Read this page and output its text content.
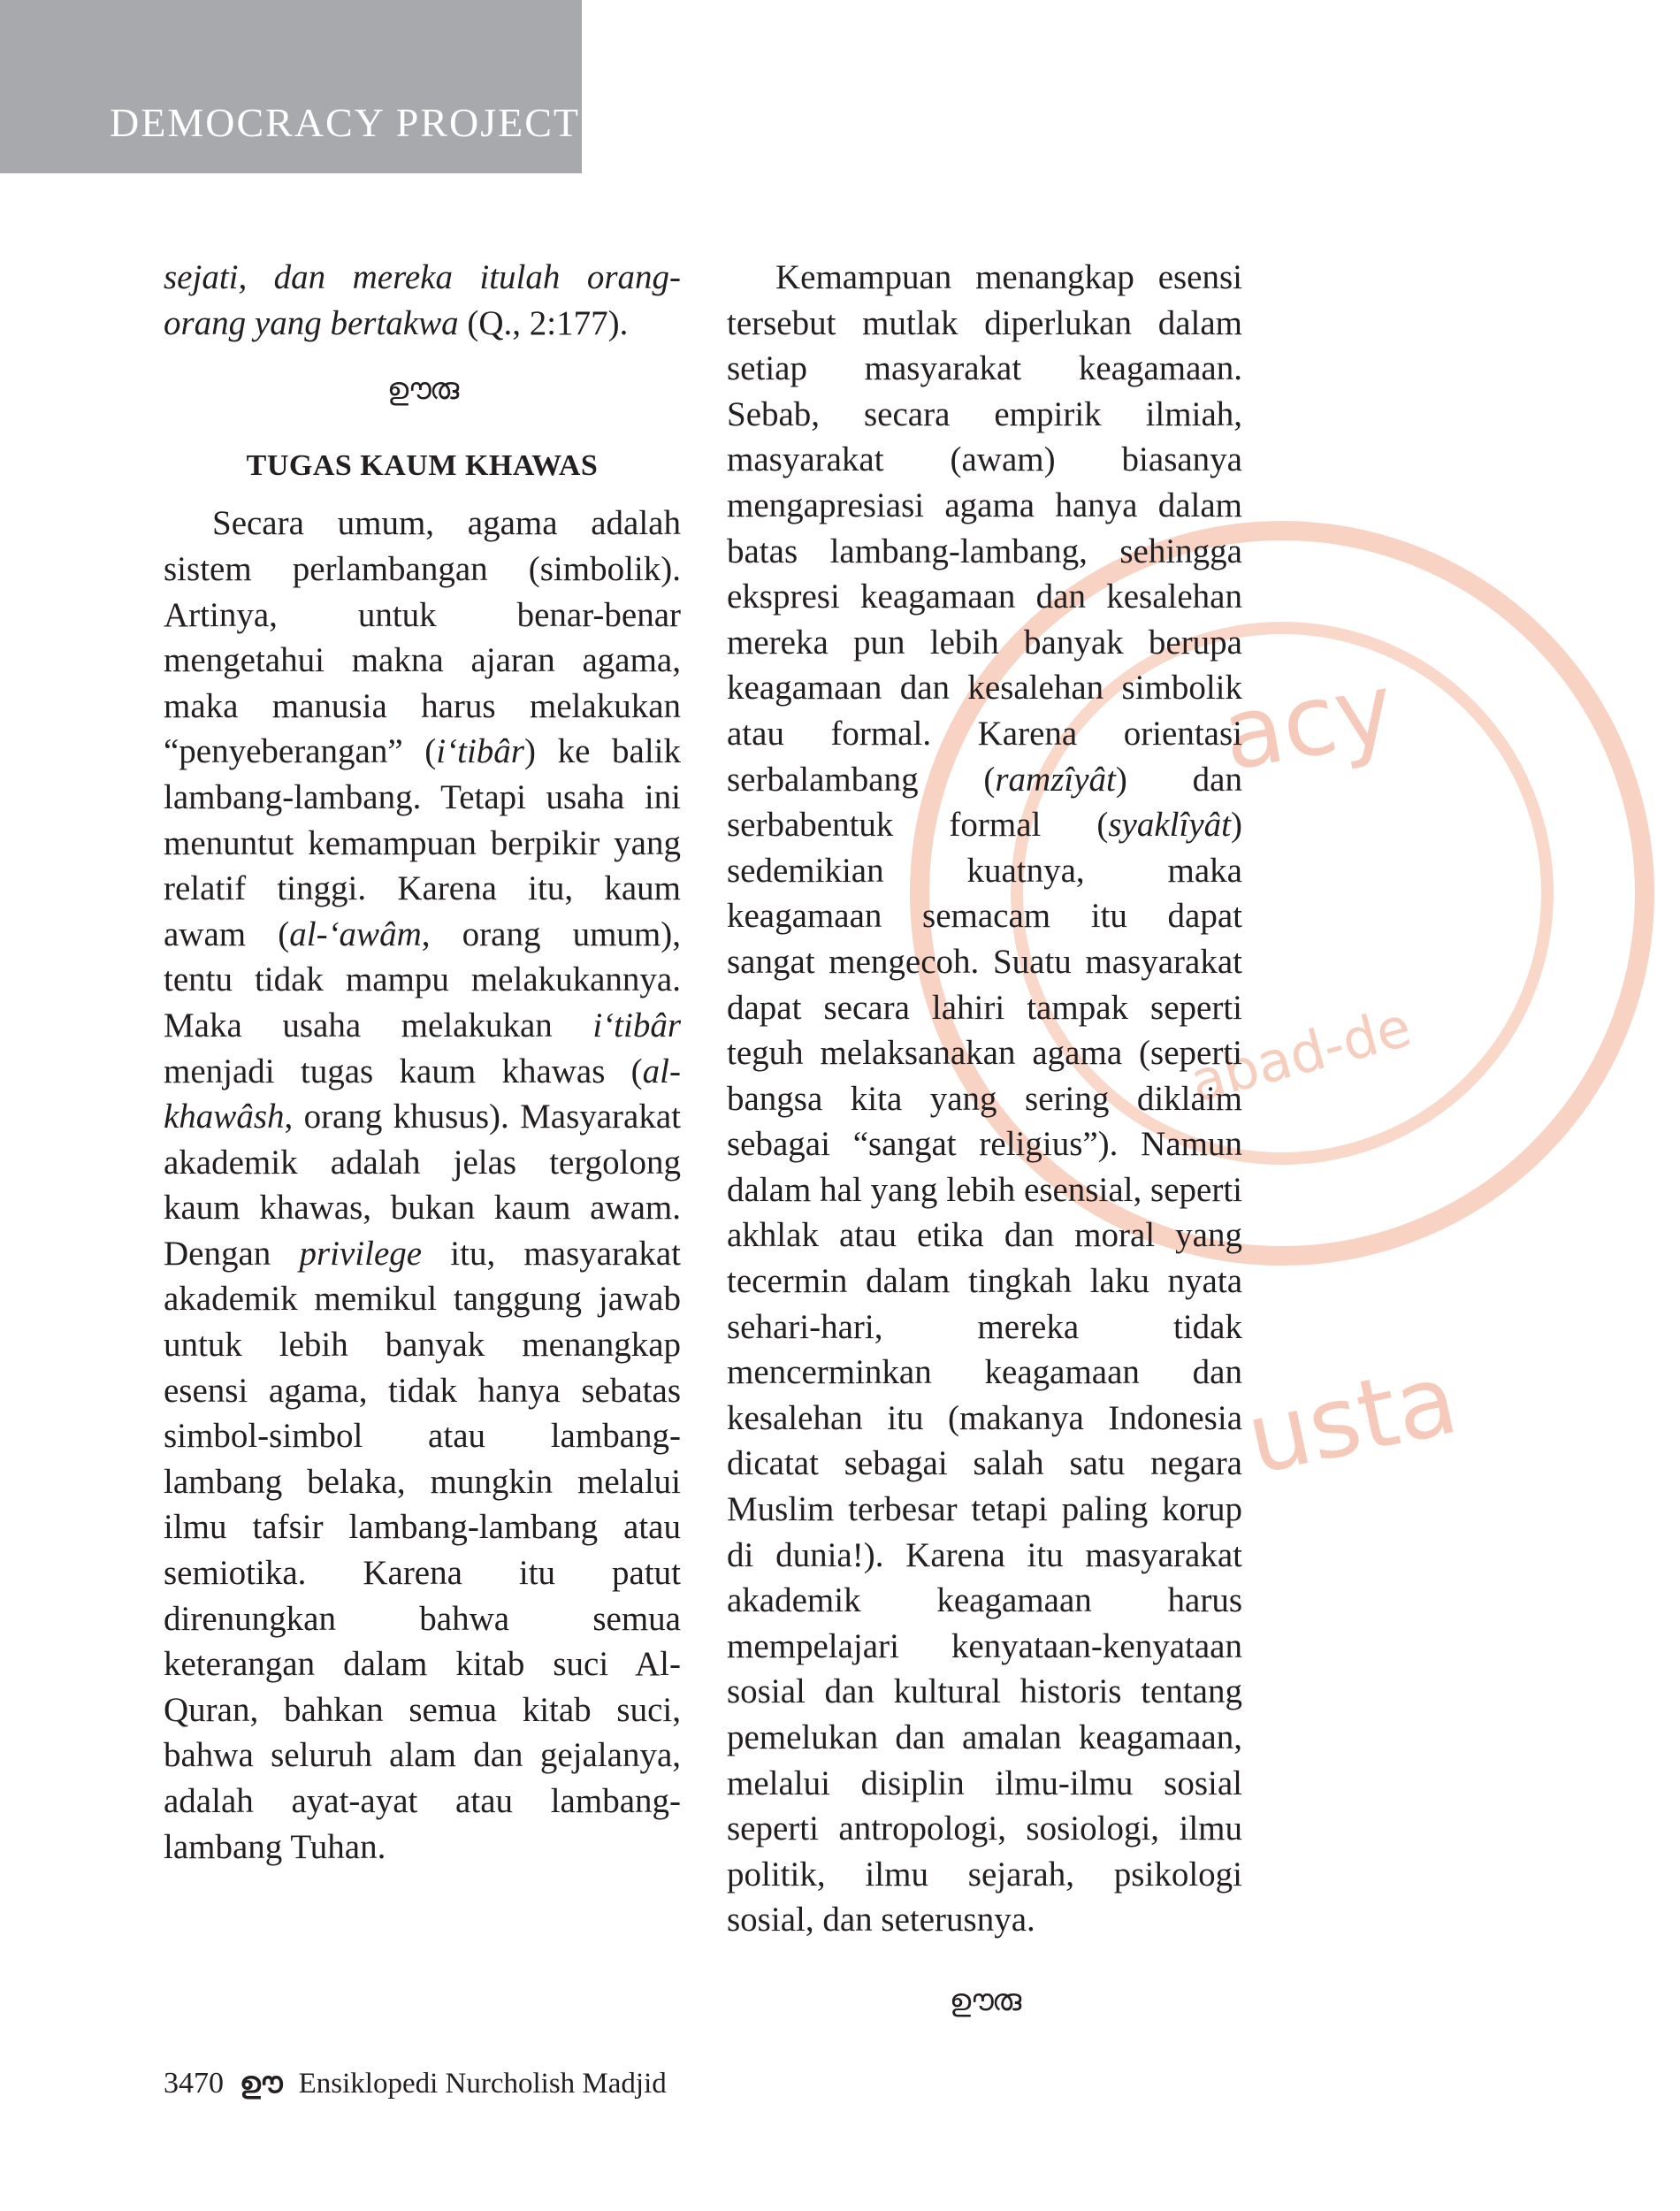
DEMOCRACY PROJECT
acy
abad-de
usta

sejati, dan mereka itulah orang-orang yang bertakwa (Q., 2:177).

ഊരു
TUGAS KAUM KHAWAS

Secara umum, agama adalah sistem perlambangan (simbolik). Artinya, untuk benar-benar mengetahui makna ajaran agama, maka manusia harus melakukan “penyeberangan” (iʻtibâr) ke balik lambang-lambang. Tetapi usaha ini menuntut kemampuan berpikir yang relatif tinggi. Karena itu, kaum awam (al-ʻawâm, orang umum), tentu tidak mampu melakukannya. Maka usaha melakukan iʻtibâr menjadi tugas kaum khawas (al-khawâsh, orang khusus). Masyarakat akademik adalah jelas tergolong kaum khawas, bukan kaum awam. Dengan privilege itu, masyarakat akademik memikul tanggung jawab untuk lebih banyak menangkap esensi agama, tidak hanya sebatas simbol-simbol atau lambang-lambang belaka, mungkin melalui ilmu tafsir lambang-lambang atau semiotika. Karena itu patut direnungkan bahwa semua keterangan dalam kitab suci Al-Quran, bahkan semua kitab suci, bahwa seluruh alam dan gejalanya, adalah ayat-ayat atau lambang-lambang Tuhan.

Kemampuan menangkap esensi tersebut mutlak diperlukan dalam setiap masyarakat keagamaan. Sebab, secara empirik ilmiah, masyarakat (awam) biasanya mengapresiasi agama hanya dalam batas lambang-lambang, sehingga ekspresi keagamaan dan kesalehan mereka pun lebih banyak berupa keagamaan dan kesalehan simbolik atau formal. Karena orientasi serbalambang (ramzîyât) dan serbabentuk formal (syaklîyât) sedemikian kuatnya, maka keagamaan semacam itu dapat sangat mengecoh. Suatu masyarakat dapat secara lahiri tampak seperti teguh melaksanakan agama (seperti bangsa kita yang sering diklaim sebagai “sangat religius”). Namun dalam hal yang lebih esensial, seperti akhlak atau etika dan moral yang tecermin dalam tingkah laku nyata sehari-hari, mereka tidak mencerminkan keagamaan dan kesalehan itu (makanya Indonesia dicatat sebagai salah satu negara Muslim terbesar tetapi paling korup di dunia!). Karena itu masyarakat akademik keagamaan harus mempelajari kenyataan-kenyataan sosial dan kultural historis tentang pemelukan dan amalan keagamaan, melalui disiplin ilmu-ilmu sosial seperti antropologi, sosiologi, ilmu politik, ilmu sejarah, psikologi sosial, dan seterusnya.

ഊരു
3470 ഊ Ensiklopedi Nurcholish Madjid
